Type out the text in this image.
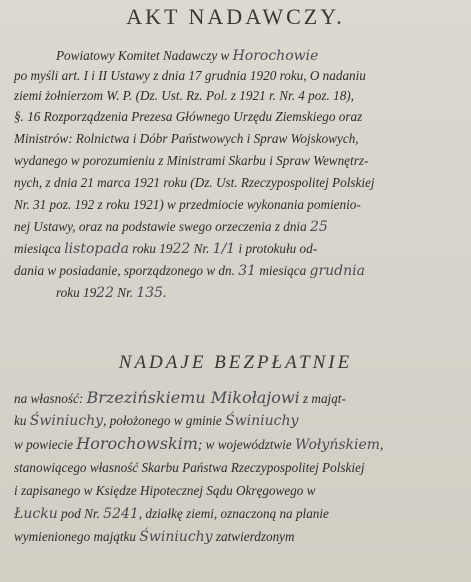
AKT NADAWCZY.
Powiatowy Komitet Nadawczy w Horochowie
po myśli art. I i II Ustawy z dnia 17 grudnia 1920 roku, O nadaniu
ziemi żołnierzom W. P. (Dz. Ust. Rz. Pol. z 1921 r. Nr. 4 poz. 18),
§. 16 Rozporządzenia Prezesa Głównego Urzędu Ziemskiego oraz
Ministrów: Rolnictwa i Dóbr Państwowych i Spraw Wojskowych,
wydanego w porozumieniu z Ministrami Skarbu i Spraw Wewnętrz-
nych, z dnia 21 marca 1921 roku (Dz. Ust. Rzeczypospolitej Polskiej
Nr. 31 poz. 192 z roku 1921) w przedmiocie wykonania pomienio-
nej Ustawy, oraz na podstawie swego orzeczenia z dnia 25
miesiąca listopada roku 1922 Nr. 1/1 i protokułu od-
dania w posiadanie, sporządzonego w dn. 31 miesiąca grudnia
roku 1922 Nr. 135.
na własność: Brzezińskiemu Mikołajowi z mająt-
ku Świniuchy, położonego w gminie Świniuchy
w powiecie Horochowskim; w województwie Wołyńskiem,
stanowiącego własność Skarbu Państwa Rzeczypospolitej Polskiej
i zapisanego w Księdze Hipotecznej Sądu Okręgowego w
Łucku pod Nr. 5241, działkę ziemi, oznaczoną na planie
wymienionego majątku Świniuchy zatwierdzonym
NADAJE BEZPŁATNIE
